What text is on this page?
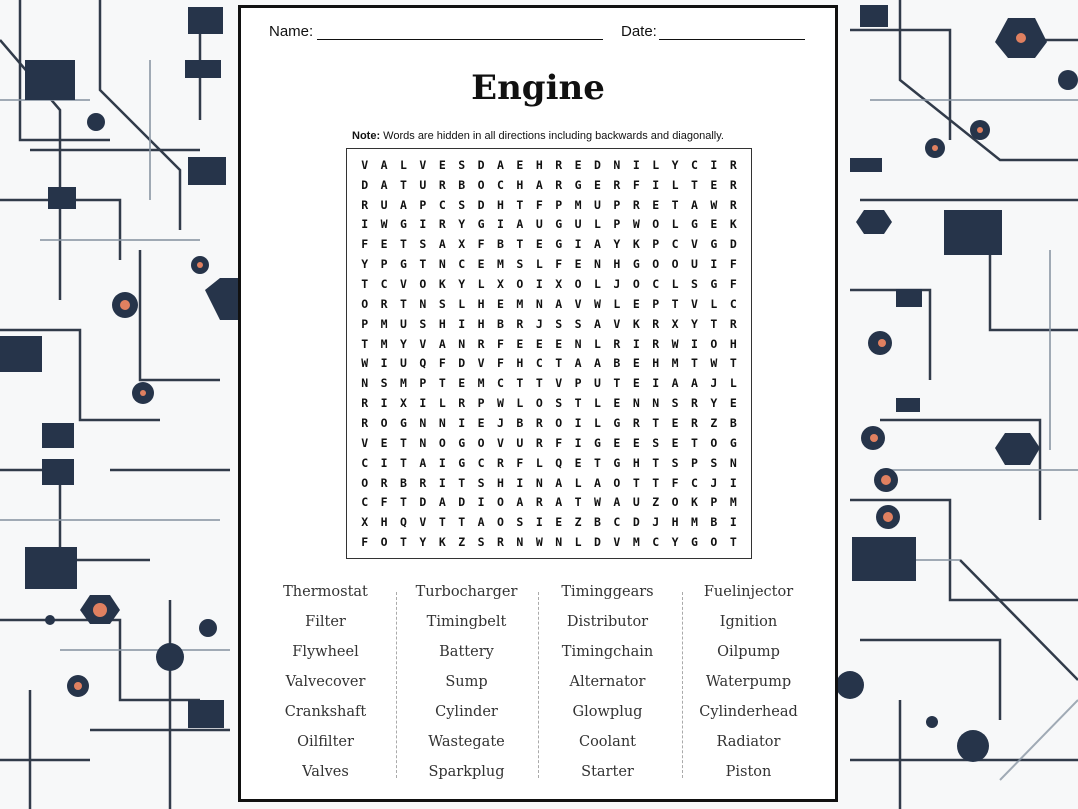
Name:	Date:
Engine
Note: Words are hidden in all directions including backwards and diagonally.
V	A	L	V	E	S	D	A	E	H	R	E	D	N	I	L	Y	C	I	R
D	A	T	U	R	B	O	C	H	A	R	G	E	R	F	I	L	T	E	R
R	U	A	P	C	S	D	H	T	F	P	M	U	P	R	E	T	A	W	R
I	W	G	I	R	Y	G	I	A	U	G	U	L	P	W	O	L	G	E	K
F	E	T	S	A	X	F	B	T	E	G	I	A	Y	K	P	C	V	G	D
Y	P	G	T	N	C	E	M	S	L	F	E	N	H	G	O	O	U	I	F
T	C	V	O	K	Y	L	X	O	I	X	O	L	J	O	C	L	S	G	F
O	R	T	N	S	L	H	E	M	N	A	V	W	L	E	P	T	V	L	C
P	M	U	S	H	I	H	B	R	J	S	S	A	V	K	R	X	Y	T	R
T	M	Y	V	A	N	R	F	E	E	E	N	L	R	I	R	W	I	O	H
W	I	U	Q	F	D	V	F	H	C	T	A	A	B	E	H	M	T	W	T
N	S	M	P	T	E	M	C	T	T	V	P	U	T	E	I	A	A	J	L
R	I	X	I	L	R	P	W	L	O	S	T	L	E	N	N	S	R	Y	E
R	O	G	N	N	I	E	J	B	R	O	I	L	G	R	T	E	R	Z	B
V	E	T	N	O	G	O	V	U	R	F	I	G	E	E	S	E	T	O	G
C	I	T	A	I	G	C	R	F	L	Q	E	T	G	H	T	S	P	S	N
O	R	B	R	I	T	S	H	I	N	A	L	A	O	T	T	F	C	J	I
C	F	T	D	A	D	I	O	A	R	A	T	W	A	U	Z	O	K	P	M
X	H	Q	V	T	T	A	O	S	I	E	Z	B	C	D	J	H	M	B	I
F	O	T	Y	K	Z	S	R	N	W	N	L	D	V	M	C	Y	G	O	T
Thermostat
Filter
Flywheel
Valvecover
Crankshaft
Oilfilter
Valves
Turbocharger
Timingbelt
Battery
Sump
Cylinder
Wastegate
Sparkplug
Timinggears
Distributor
Timingchain
Alternator
Glowplug
Coolant
Starter
Fuelinjector
Ignition
Oilpump
Waterpump
Cylinderhead
Radiator
Piston
